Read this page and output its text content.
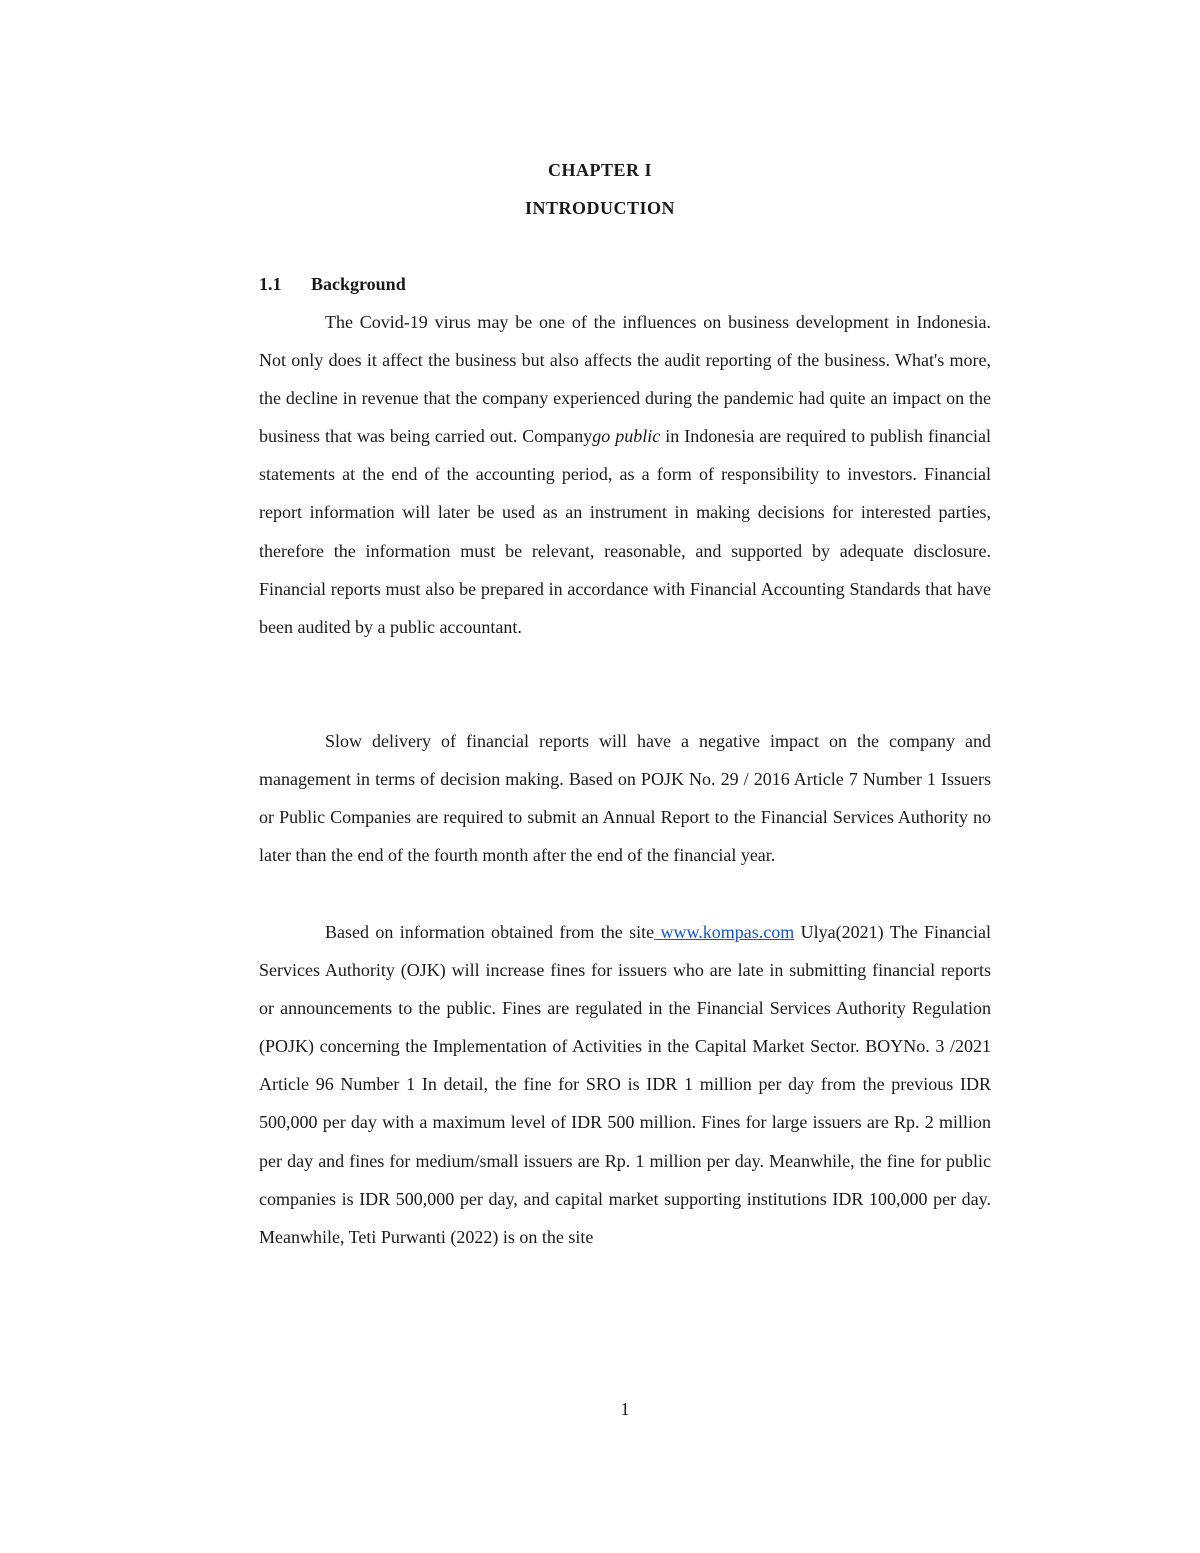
CHAPTER I
INTRODUCTION
1.1 Background

The Covid-19 virus may be one of the influences on business development in Indonesia. Not only does it affect the business but also affects the audit reporting of the business. What's more, the decline in revenue that the company experienced during the pandemic had quite an impact on the business that was being carried out. Companygo public in Indonesia are required to publish financial statements at the end of the accounting period, as a form of responsibility to investors. Financial report information will later be used as an instrument in making decisions for interested parties, therefore the information must be relevant, reasonable, and supported by adequate disclosure. Financial reports must also be prepared in accordance with Financial Accounting Standards that have been audited by a public accountant.

Slow delivery of financial reports will have a negative impact on the company and management in terms of decision making. Based on POJK No. 29 / 2016 Article 7 Number 1 Issuers or Public Companies are required to submit an Annual Report to the Financial Services Authority no later than the end of the fourth month after the end of the financial year.

Based on information obtained from the site www.kompas.com Ulya(2021) The Financial Services Authority (OJK) will increase fines for issuers who are late in submitting financial reports or announcements to the public. Fines are regulated in the Financial Services Authority Regulation (POJK) concerning the Implementation of Activities in the Capital Market Sector. BOYNo. 3 /2021 Article 96 Number 1 In detail, the fine for SRO is IDR 1 million per day from the previous IDR 500,000 per day with a maximum level of IDR 500 million. Fines for large issuers are Rp. 2 million per day and fines for medium/small issuers are Rp. 1 million per day. Meanwhile, the fine for public companies is IDR 500,000 per day, and capital market supporting institutions IDR 100,000 per day. Meanwhile, Teti Purwanti (2022) is on the site

1
